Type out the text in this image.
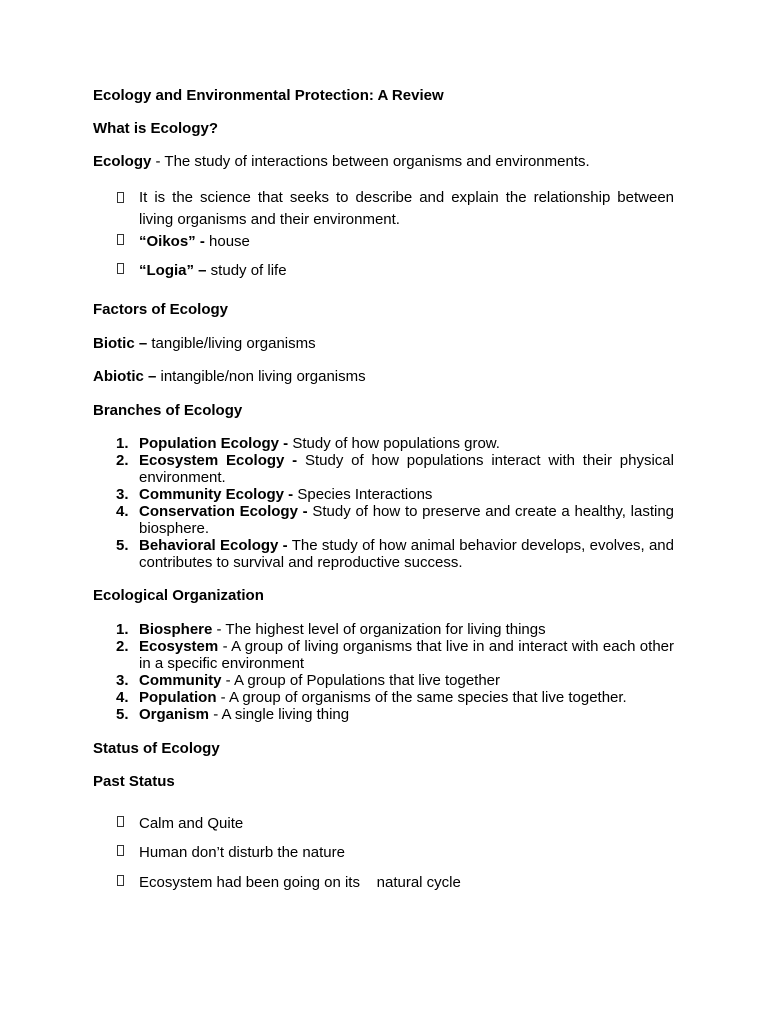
Ecology and Environmental Protection: A Review

What is Ecology?

Ecology - The study of interactions between organisms and environments.

It is the science that seeks to describe and explain the relationship between living organisms and their environment.
“Oikos” - house
“Logia” – study of life

Factors of Ecology

Biotic – tangible/living organisms

Abiotic – intangible/non living organisms

Branches of Ecology

1. Population Ecology - Study of how populations grow.
2. Ecosystem Ecology - Study of how populations interact with their physical environment.
3. Community Ecology - Species Interactions
4. Conservation Ecology - Study of how to preserve and create a healthy, lasting biosphere.
5. Behavioral Ecology - The study of how animal behavior develops, evolves, and contributes to survival and reproductive success.

Ecological Organization

1. Biosphere - The highest level of organization for living things
2. Ecosystem - A group of living organisms that live in and interact with each other in a specific environment
3. Community - A group of Populations that live together
4. Population - A group of organisms of the same species that live together.
5. Organism - A single living thing

Status of Ecology

Past Status

Calm and Quite
Human don’t disturb the nature
Ecosystem had been going on its    natural cycle
